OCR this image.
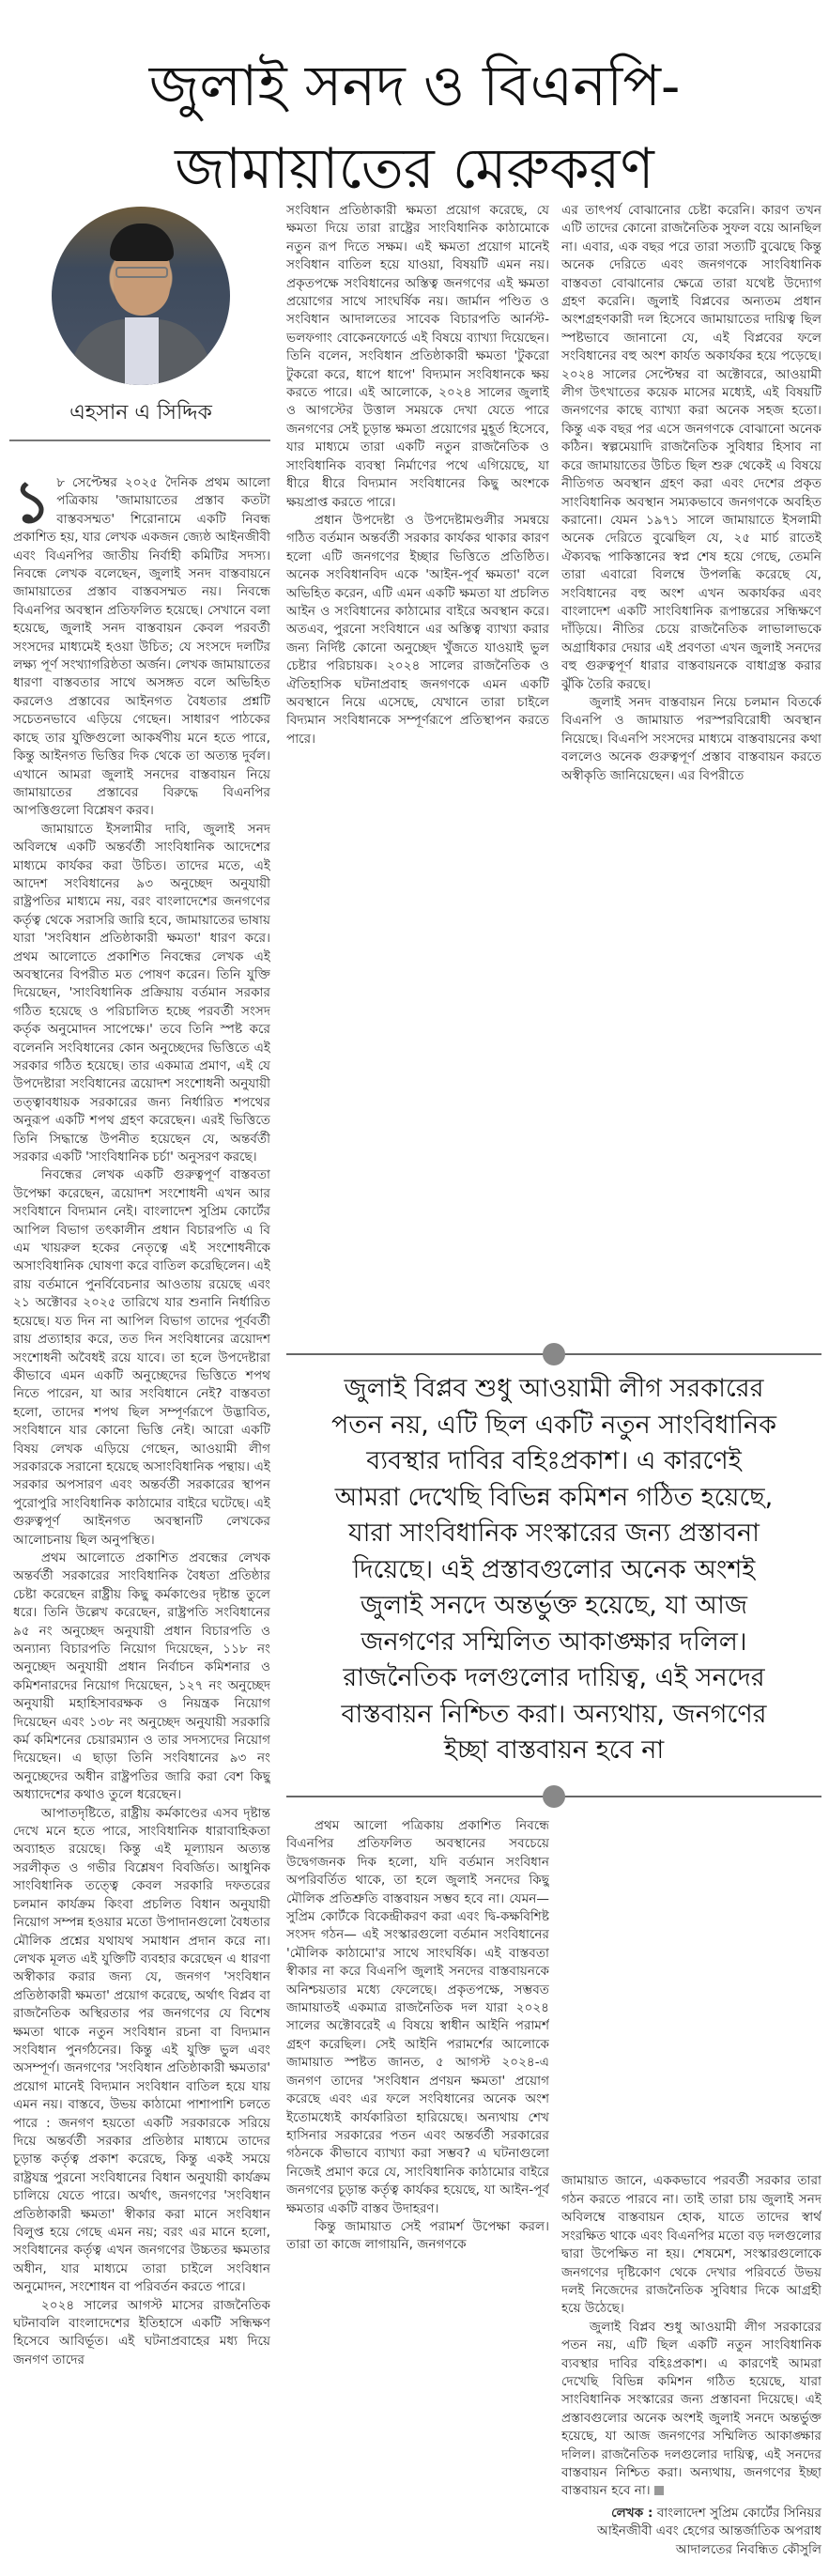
জুলাই সনদ ও বিএনপি-
জামায়াতের মেরুকরণ
এহসান এ সিদ্দিক

১ ৮ সেপ্টেম্বর ২০২৫ দৈনিক প্রথম আলো পত্রিকায় 'জামায়াতের প্রস্তাব কতটা বাস্তবসম্মত' শিরোনামে একটি নিবন্ধ প্রকাশিত হয়, যার লেখক একজন জ্যেষ্ঠ আইনজীবী এবং বিএনপির জাতীয় নির্বাহী কমিটির সদস্য। নিবন্ধে লেখক বলেছেন, জুলাই সনদ বাস্তবায়নে জামায়াতের প্রস্তাব বাস্তবসম্মত নয়। নিবন্ধে বিএনপির অবস্থান প্রতিফলিত হয়েছে। সেখানে বলা হয়েছে, জুলাই সনদ বাস্তবায়ন কেবল পরবর্তী সংসদের মাধ্যমেই হওয়া উচিত; যে সংসদে দলটির লক্ষ্য পূর্ণ সংখ্যাগরিষ্ঠতা অর্জন। লেখক জামায়াতের ধারণা বাস্তবতার সাথে অসঙ্গত বলে অভিহিত করলেও প্রস্তাবের আইনগত বৈধতার প্রশ্নটি সচেতনভাবে এড়িয়ে গেছেন। সাধারণ পাঠকের কাছে তার যুক্তিগুলো আকর্ষণীয় মনে হতে পারে, কিন্তু আইনগত ভিত্তির দিক থেকে তা অত্যন্ত দুর্বল। এখানে আমরা জুলাই সনদের বাস্তবায়ন নিয়ে জামায়াতের প্রস্তাবের বিরুদ্ধে বিএনপির আপত্তিগুলো বিশ্লেষণ করব।

জামায়াতে ইসলামীর দাবি, জুলাই সনদ অবিলম্বে একটি অন্তর্বর্তী সাংবিধানিক আদেশের মাধ্যমে কার্যকর করা উচিত। তাদের মতে, এই আদেশ সংবিধানের ৯৩ অনুচ্ছেদ অনুযায়ী রাষ্ট্রপতির মাধ্যমে নয়, বরং বাংলাদেশের জনগণের কর্তৃত্ব থেকে সরাসরি জারি হবে, জামায়াতের ভাষায় যারা 'সংবিধান প্রতিষ্ঠাকারী ক্ষমতা' ধারণ করে। প্রথম আলোতে প্রকাশিত নিবন্ধের লেখক এই অবস্থানের বিপরীত মত পোষণ করেন। তিনি যুক্তি দিয়েছেন, 'সাংবিধানিক প্রক্রিয়ায় বর্তমান সরকার গঠিত হয়েছে ও পরিচালিত হচ্ছে পরবর্তী সংসদ কর্তৃক অনুমোদন সাপেক্ষে।' তবে তিনি স্পষ্ট করে বলেননি সংবিধানের কোন অনুচ্ছেদের ভিত্তিতে এই সরকার গঠিত হয়েছে। তার একমাত্র প্রমাণ, এই যে উপদেষ্টারা সংবিধানের ত্রয়োদশ সংশোধনী অনুযায়ী তত্ত্বাবধায়ক সরকারের জন্য নির্ধারিত শপথের অনুরূপ একটি শপথ গ্রহণ করেছেন। এরই ভিত্তিতে তিনি সিদ্ধান্তে উপনীত হয়েছেন যে, অন্তর্বর্তী সরকার একটি 'সাংবিধানিক চর্চা' অনুসরণ করছে।

নিবন্ধের লেখক একটি গুরুত্বপূর্ণ বাস্তবতা উপেক্ষা করেছেন, ত্রয়োদশ সংশোধনী এখন আর সংবিধানে বিদ্যমান নেই। বাংলাদেশ সুপ্রিম কোর্টের আপিল বিভাগ তৎকালীন প্রধান বিচারপতি এ বি এম খায়রুল হকের নেতৃত্বে এই সংশোধনীকে অসাংবিধানিক ঘোষণা করে বাতিল করেছিলেন। এই রায় বর্তমানে পুনর্বিবেচনার আওতায় রয়েছে এবং ২১ অক্টোবর ২০২৫ তারিখে যার শুনানি নির্ধারিত হয়েছে। যত দিন না আপিল বিভাগ তাদের পূর্ববর্তী রায় প্রত্যাহার করে, তত দিন সংবিধানের ত্রয়োদশ সংশোধনী অবৈধই রয়ে যাবে। তা হলে উপদেষ্টারা কীভাবে এমন একটি অনুচ্ছেদের ভিত্তিতে শপথ নিতে পারেন, যা আর সংবিধানে নেই? বাস্তবতা হলো, তাদের শপথ ছিল সম্পূর্ণরূপে উদ্ভাবিত, সংবিধানে যার কোনো ভিত্তি নেই। আরো একটি বিষয় লেখক এড়িয়ে গেছেন, আওয়ামী লীগ সরকারকে সরানো হয়েছে অসাংবিধানিক পন্থায়। এই সরকার অপসারণ এবং অন্তর্বর্তী সরকারের স্থাপন পুরোপুরি সাংবিধানিক কাঠামোর বাইরে ঘটেছে। এই গুরুত্বপূর্ণ আইনগত অবস্থানটি লেখকের আলোচনায় ছিল অনুপস্থিত।

প্রথম আলোতে প্রকাশিত প্রবন্ধের লেখক অন্তর্বর্তী সরকারের সাংবিধানিক বৈধতা প্রতিষ্ঠার চেষ্টা করেছেন রাষ্ট্রীয় কিছু কর্মকাণ্ডের দৃষ্টান্ত তুলে ধরে। তিনি উল্লেখ করেছেন, রাষ্ট্রপতি সংবিধানের ৯৫ নং অনুচ্ছেদ অনুযায়ী প্রধান বিচারপতি ও অন্যান্য বিচারপতি নিয়োগ দিয়েছেন, ১১৮ নং অনুচ্ছেদ অনুযায়ী প্রধান নির্বাচন কমিশনার ও কমিশনারদের নিয়োগ দিয়েছেন, ১২৭ নং অনুচ্ছেদ অনুযায়ী মহাহিসাবরক্ষক ও নিয়ন্ত্রক নিয়োগ দিয়েছেন এবং ১৩৮ নং অনুচ্ছেদ অনুযায়ী সরকারি কর্ম কমিশনের চেয়ারম্যান ও তার সদস্যদের নিয়োগ দিয়েছেন। এ ছাড়া তিনি সংবিধানের ৯৩ নং অনুচ্ছেদের অধীন রাষ্ট্রপতির জারি করা বেশ কিছু অধ্যাদেশের কথাও তুলে ধরেছেন।

আপাতদৃষ্টিতে, রাষ্ট্রীয় কর্মকাণ্ডের এসব দৃষ্টান্ত দেখে মনে হতে পারে, সাংবিধানিক ধারাবাহিকতা অব্যাহত রয়েছে। কিন্তু এই মূল্যায়ন অত্যন্ত সরলীকৃত ও গভীর বিশ্লেষণ বিবর্জিত। আধুনিক সাংবিধানিক তত্ত্বে কেবল সরকারি দফতরের চলমান কার্যক্রম কিংবা প্রচলিত বিধান অনুযায়ী নিয়োগ সম্পন্ন হওয়ার মতো উপাদানগুলো বৈধতার মৌলিক প্রশ্নের যথাযথ সমাধান প্রদান করে না। লেখক মূলত এই যুক্তিটি ব্যবহার করেছেন এ ধারণা অস্বীকার করার জন্য যে, জনগণ 'সংবিধান প্রতিষ্ঠাকারী ক্ষমতা' প্রয়োগ করেছে, অর্থাৎ বিপ্লব বা রাজনৈতিক অস্থিরতার পর জনগণের যে বিশেষ ক্ষমতা থাকে নতুন সংবিধান রচনা বা বিদ্যমান সংবিধান পুনর্গঠনের। কিন্তু এই যুক্তি ভুল এবং অসম্পূর্ণ। জনগণের 'সংবিধান প্রতিষ্ঠাকারী ক্ষমতার' প্রয়োগ মানেই বিদ্যমান সংবিধান বাতিল হয়ে যায় এমন নয়। বাস্তবে, উভয় কাঠামো পাশাপাশি চলতে পারে : জনগণ হয়তো একটি সরকারকে সরিয়ে দিয়ে অন্তর্বর্তী সরকার প্রতিষ্ঠার মাধ্যমে তাদের চূড়ান্ত কর্তৃত্ব প্রকাশ করেছে, কিন্তু একই সময়ে রাষ্ট্রযন্ত্র পুরনো সংবিধানের বিধান অনুযায়ী কার্যক্রম চালিয়ে যেতে পারে। অর্থাৎ, জনগণের 'সংবিধান প্রতিষ্ঠাকারী ক্ষমতা' স্বীকার করা মানে সংবিধান বিলুপ্ত হয়ে গেছে এমন নয়; বরং এর মানে হলো, সংবিধানের কর্তৃত্ব এখন জনগণের উচ্চতর ক্ষমতার অধীন, যার মাধ্যমে তারা চাইলে সংবিধান অনুমোদন, সংশোধন বা পরিবর্তন করতে পারে।

২০২৪ সালের আগস্ট মাসের রাজনৈতিক ঘটনাবলি বাংলাদেশের ইতিহাসে একটি সন্ধিক্ষণ হিসেবে আবির্ভূত। এই ঘটনাপ্রবাহের মধ্য দিয়ে জনগণ তাদের

সংবিধান প্রতিষ্ঠাকারী ক্ষমতা প্রয়োগ করেছে, যে ক্ষমতা দিয়ে তারা রাষ্ট্রের সাংবিধানিক কাঠামোকে নতুন রূপ দিতে সক্ষম। এই ক্ষমতা প্রয়োগ মানেই সংবিধান বাতিল হয়ে যাওয়া, বিষয়টি এমন নয়। প্রকৃতপক্ষে সংবিধানের অস্তিত্ব জনগণের এই ক্ষমতা প্রয়োগের সাথে সাংঘর্ষিক নয়। জার্মান পণ্ডিত ও সংবিধান আদালতের সাবেক বিচারপতি আর্নস্ট-ভলফগাং বোকেনফোর্ডে এই বিষয়ে ব্যাখ্যা দিয়েছেন। তিনি বলেন, সংবিধান প্রতিষ্ঠাকারী ক্ষমতা 'টুকরো টুকরো করে, ধাপে ধাপে' বিদ্যমান সংবিধানকে ক্ষয় করতে পারে। এই আলোকে, ২০২৪ সালের জুলাই ও আগস্টের উত্তাল সময়কে দেখা যেতে পারে জনগণের সেই চূড়ান্ত ক্ষমতা প্রয়োগের মুহূর্ত হিসেবে, যার মাধ্যমে তারা একটি নতুন রাজনৈতিক ও সাংবিধানিক ব্যবস্থা নির্মাণের পথে এগিয়েছে, যা ধীরে ধীরে বিদ্যমান সংবিধানের কিছু অংশকে ক্ষয়প্রাপ্ত করতে পারে।

প্রধান উপদেষ্টা ও উপদেষ্টামণ্ডলীর সমন্বয়ে গঠিত বর্তমান অন্তর্বর্তী সরকার কার্যকর থাকার কারণ হলো এটি জনগণের ইচ্ছার ভিত্তিতে প্রতিষ্ঠিত। অনেক সংবিধানবিদ একে 'আইন-পূর্ব ক্ষমতা' বলে অভিহিত করেন, এটি এমন একটি ক্ষমতা যা প্রচলিত আইন ও সংবিধানের কাঠামোর বাইরে অবস্থান করে। অতএব, পুরনো সংবিধানে এর অস্তিত্ব ব্যাখ্যা করার জন্য নির্দিষ্ট কোনো অনুচ্ছেদ খুঁজতে যাওয়াই ভুল চেষ্টার পরিচায়ক। ২০২৪ সালের রাজনৈতিক ও ঐতিহাসিক ঘটনাপ্রবাহ জনগণকে এমন একটি অবস্থানে নিয়ে এসেছে, যেখানে তারা চাইলে বিদ্যমান সংবিধানকে সম্পূর্ণরূপে প্রতিস্থাপন করতে পারে।

এর তাৎপর্য বোঝানোর চেষ্টা করেনি। কারণ তখন এটি তাদের কোনো রাজনৈতিক সুফল বয়ে আনছিল না। এবার, এক বছর পরে তারা সত্যটি বুঝেছে কিন্তু অনেক দেরিতে এবং জনগণকে সাংবিধানিক বাস্তবতা বোঝানোর ক্ষেত্রে তারা যথেষ্ট উদ্যোগ গ্রহণ করেনি। জুলাই বিপ্লবের অন্যতম প্রধান অংশগ্রহণকারী দল হিসেবে জামায়াতের দায়িত্ব ছিল স্পষ্টভাবে জানানো যে, এই বিপ্লবের ফলে সংবিধানের বহু অংশ কার্যত অকার্যকর হয়ে পড়েছে। ২০২৪ সালের সেপ্টেম্বর বা অক্টোবরে, আওয়ামী লীগ উৎখাতের কয়েক মাসের মধ্যেই, এই বিষয়টি জনগণের কাছে ব্যাখ্যা করা অনেক সহজ হতো। কিন্তু এক বছর পর এসে জনগণকে বোঝানো অনেক কঠিন। স্বল্পমেয়াদি রাজনৈতিক সুবিধার হিসাব না করে জামায়াতের উচিত ছিল শুরু থেকেই এ বিষয়ে নীতিগত অবস্থান গ্রহণ করা এবং দেশের প্রকৃত সাংবিধানিক অবস্থান সম্যকভাবে জনগণকে অবহিত করানো। যেমন ১৯৭১ সালে জামায়াতে ইসলামী অনেক দেরিতে বুঝেছিল যে, ২৫ মার্চ রাতেই ঐক্যবদ্ধ পাকিস্তানের স্বপ্ন শেষ হয়ে গেছে, তেমনি তারা এবারো বিলম্বে উপলব্ধি করেছে যে, সংবিধানের বহু অংশ এখন অকার্যকর এবং বাংলাদেশ একটি সাংবিধানিক রূপান্তরের সন্ধিক্ষণে দাঁড়িয়ে। নীতির চেয়ে রাজনৈতিক লাভালাভকে অগ্রাধিকার দেয়ার এই প্রবণতা এখন জুলাই সনদের বহু গুরুত্বপূর্ণ ধারার বাস্তবায়নকে বাধাগ্রস্ত করার ঝুঁকি তৈরি করছে।

জুলাই সনদ বাস্তবায়ন নিয়ে চলমান বিতর্কে বিএনপি ও জামায়াত পরস্পরবিরোধী অবস্থান নিয়েছে। বিএনপি সংসদের মাধ্যমে বাস্তবায়নের কথা বললেও অনেক গুরুত্বপূর্ণ প্রস্তাব বাস্তবায়ন করতে অস্বীকৃতি জানিয়েছেন। এর বিপরীতে

জুলাই বিপ্লব শুধু আওয়ামী লীগ সরকারের
পতন নয়, এটি ছিল একটি নতুন সাংবিধানিক
ব্যবস্থার দাবির বহিঃপ্রকাশ। এ কারণেই
আমরা দেখেছি বিভিন্ন কমিশন গঠিত হয়েছে,
যারা সাংবিধানিক সংস্কারের জন্য প্রস্তাবনা
দিয়েছে। এই প্রস্তাবগুলোর অনেক অংশই
জুলাই সনদে অন্তর্ভুক্ত হয়েছে, যা আজ
জনগণের সম্মিলিত আকাঙ্ক্ষার দলিল।
রাজনৈতিক দলগুলোর দায়িত্ব, এই সনদের
বাস্তবায়ন নিশ্চিত করা। অন্যথায়, জনগণের
ইচ্ছা বাস্তবায়ন হবে না

প্রথম আলো পত্রিকায় প্রকাশিত নিবন্ধে বিএনপির প্রতিফলিত অবস্থানের সবচেয়ে উদ্বেগজনক দিক হলো, যদি বর্তমান সংবিধান অপরিবর্তিত থাকে, তা হলে জুলাই সনদের কিছু মৌলিক প্রতিশ্রুতি বাস্তবায়ন সম্ভব হবে না। যেমন— সুপ্রিম কোর্টকে বিকেন্দ্রীকরণ করা এবং দ্বি-কক্ষবিশিষ্ট সংসদ গঠন— এই সংস্কারগুলো বর্তমান সংবিধানের 'মৌলিক কাঠামো'র সাথে সাংঘর্ষিক। এই বাস্তবতা স্বীকার না করে বিএনপি জুলাই সনদের বাস্তবায়নকে অনিশ্চয়তার মধ্যে ফেলেছে। প্রকৃতপক্ষে, সম্ভবত জামায়াতই একমাত্র রাজনৈতিক দল যারা ২০২৪ সালের অক্টোবরেই এ বিষয়ে স্বাধীন আইনি পরামর্শ গ্রহণ করেছিল। সেই আইনি পরামর্শের আলোকে জামায়াত স্পষ্টত জানত, ৫ আগস্ট ২০২৪-এ জনগণ তাদের 'সংবিধান প্রণয়ন ক্ষমতা' প্রয়োগ করেছে এবং এর ফলে সংবিধানের অনেক অংশ ইতোমধ্যেই কার্যকারিতা হারিয়েছে। অন্যথায় শেখ হাসিনার সরকারের পতন এবং অন্তর্বর্তী সরকারের গঠনকে কীভাবে ব্যাখ্যা করা সম্ভব? এ ঘটনাগুলো নিজেই প্রমাণ করে যে, সাংবিধানিক কাঠামোর বাইরে জনগণের চূড়ান্ত কর্তৃত্ব কার্যকর হয়েছে, যা আইন-পূর্ব ক্ষমতার একটি বাস্তব উদাহরণ।

কিন্তু জামায়াত সেই পরামর্শ উপেক্ষা করল। তারা তা কাজে লাগায়নি, জনগণকে

জামায়াত জানে, এককভাবে পরবর্তী সরকার তারা গঠন করতে পারবে না। তাই তারা চায় জুলাই সনদ অবিলম্বে বাস্তবায়ন হোক, যাতে তাদের স্বার্থ সংরক্ষিত থাকে এবং বিএনপির মতো বড় দলগুলোর দ্বারা উপেক্ষিত না হয়। শেষমেশ, সংস্কারগুলোকে জনগণের দৃষ্টিকোণ থেকে দেখার পরিবর্তে উভয় দলই নিজেদের রাজনৈতিক সুবিধার দিকে আগ্রহী হয়ে উঠেছে।

জুলাই বিপ্লব শুধু আওয়ামী লীগ সরকারের পতন নয়, এটি ছিল একটি নতুন সাংবিধানিক ব্যবস্থার দাবির বহিঃপ্রকাশ। এ কারণেই আমরা দেখেছি বিভিন্ন কমিশন গঠিত হয়েছে, যারা সাংবিধানিক সংস্কারের জন্য প্রস্তাবনা দিয়েছে। এই প্রস্তাবগুলোর অনেক অংশই জুলাই সনদে অন্তর্ভুক্ত হয়েছে, যা আজ জনগণের সম্মিলিত আকাঙ্ক্ষার দলিল। রাজনৈতিক দলগুলোর দায়িত্ব, এই সনদের বাস্তবায়ন নিশ্চিত করা। অন্যথায়, জনগণের ইচ্ছা বাস্তবায়ন হবে না।

লেখক : বাংলাদেশ সুপ্রিম কোর্টের সিনিয়র আইনজীবী এবং হেগের আন্তর্জাতিক অপরাধ আদালতের নিবন্ধিত কৌসুলি
